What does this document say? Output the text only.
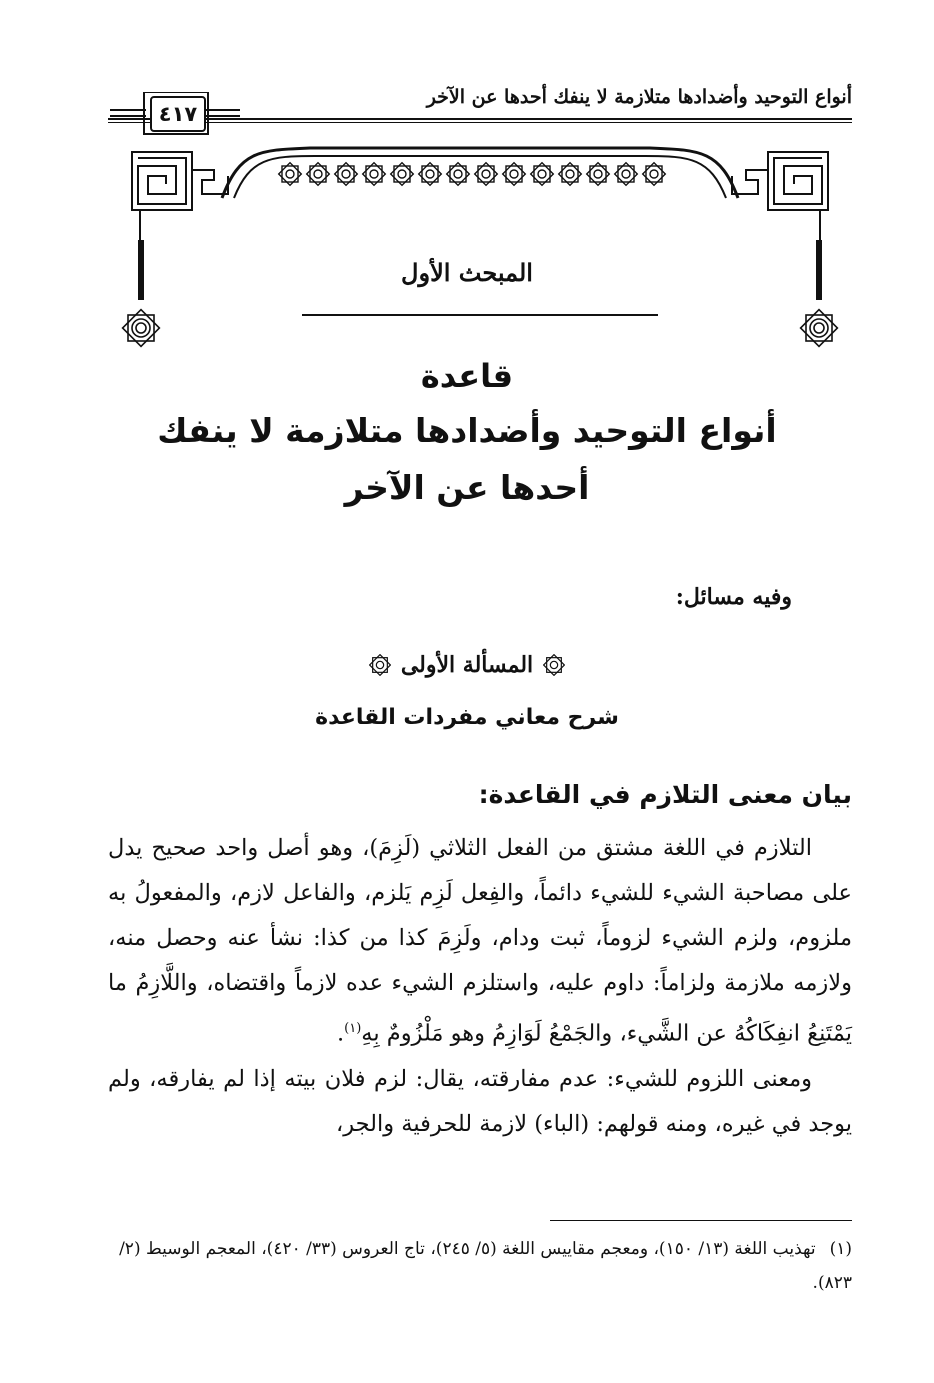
أنواع التوحيد وأضدادها متلازمة لا ينفك أحدها عن الآخر
٤١٧
المبحث الأول
قاعدة
أنواع التوحيد وأضدادها متلازمة لا ينفك
أحدها عن الآخر
وفيه مسائل:
المسألة الأولى
شرح معاني مفردات القاعدة
بيان معنى التلازم في القاعدة:

التلازم في اللغة مشتق من الفعل الثلاثي (لَزِمَ)، وهو أصل واحد صحيح يدل على مصاحبة الشيء للشيء دائماً، والفِعل لَزِم يَلزم، والفاعل لازم، والمفعولُ به ملزوم، ولزم الشيء لزوماً، ثبت ودام، ولَزِمَ كذا من كذا: نشأ عنه وحصل منه، ولازمه ملازمة ولزاماً: داوم عليه، واستلزم الشيء عده لازماً واقتضاه، واللَّازِمُ ما يَمْتَنِعُ انفِكَاكُهُ عن الشَّيء، والجَمْعُ لَوَازِمُ وهو مَلْزُومٌ بِهِ$^{(١)}$.

ومعنى اللزوم للشيء: عدم مفارقته، يقال: لزم فلان بيته إذا لم يفارقه، ولم يوجد في غيره، ومنه قولهم: (الباء) لازمة للحرفية والجر،

(١)تهذيب اللغة (١٣/ ١٥٠)، ومعجم مقاييس اللغة (٥/ ٢٤٥)، تاج العروس (٣٣/ ٤٢٠)، المعجم الوسيط (٢/ ٨٢٣).
